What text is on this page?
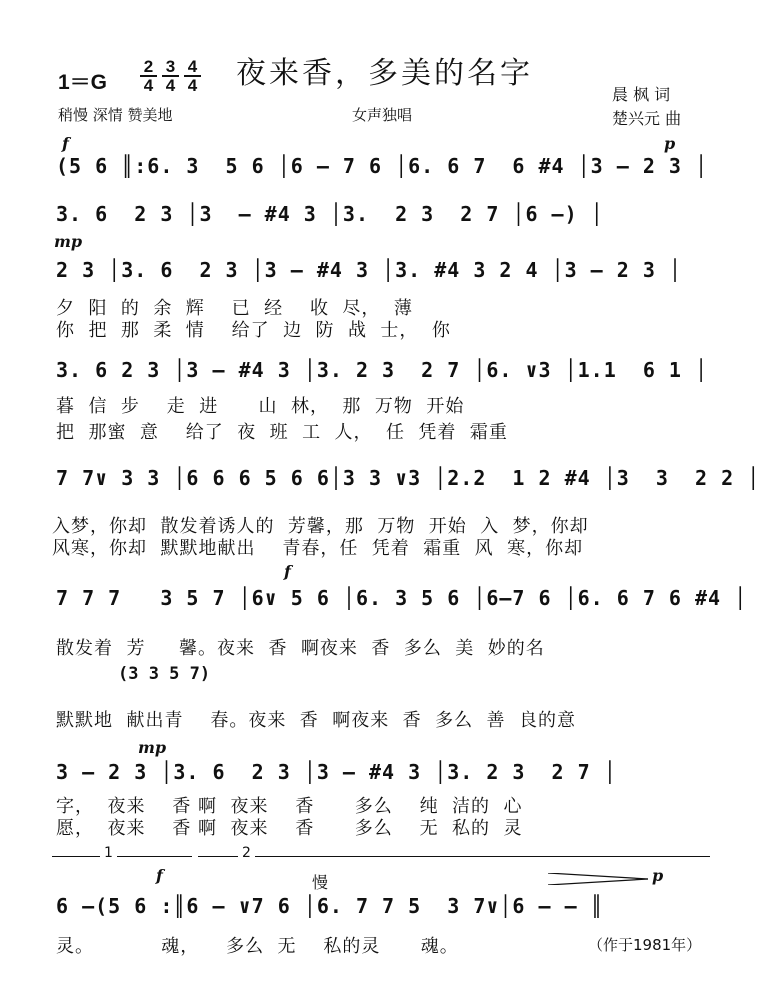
1＝G
2
4
3
4
4
4 夜来香，多美的名字
晨 枫 词
稍慢 深情 赞美地	女声独唱	楚兴元 曲
f	p
(5 6 ║:6. 3  5 6 │6 — 7 6 │6. 6 7  6 #4 │3 — 2 3 │
3. 6  2 3 │3  — #4 3 │3.  2 3  2 7 │6 —) │
mp
2 3 │3. 6  2 3 │3 — #4 3 │3. #4 3 2 4 │3 — 2 3 │
夕  阳  的  余  辉    已  经    收  尽，  薄
你  把  那  柔  情    给了  边  防  战  士，  你
3. 6 2 3 │3 — #4 3 │3. 2 3  2 7 │6. ∨3 │1.1  6 1 │
暮  信  步    走  进      山  林，  那  万物  开始
把  那蜜  意    给了  夜  班  工  人，  任  凭着  霜重
7 7∨ 3 3 │6 6 6 5 6 6│3 3 ∨3 │2.2  1 2 #4 │3  3  2 2 │
入梦，你却  散发着诱人的  芳馨，那  万物  开始  入  梦，你却
风寒，你却  默默地献出    青春，任  凭着  霜重  风  寒，你却
f
7 7 7   3 5 7 │6∨ 5 6 │6. 3 5 6 │6—7 6 │6. 6 7 6 #4 │
散发着  芳     馨。夜来  香  啊夜来  香  多么  美  妙的名
(3 3 5 7)
默默地  献出青    春。夜来  香  啊夜来  香  多么  善  良的意
mp
3 — 2 3 │3. 6  2 3 │3 — #4 3 │3. 2 3  2 7 │
字，  夜来    香 啊  夜来    香      多么    纯  洁的  心
愿，  夜来    香 啊  夜来    香      多么    无  私的  灵
1	2
慢
f	p
6 —(5 6 :║6 — ∨7 6 │6. 7 7 5  3 7∨│6 — — ║
灵。          魂，    多么  无    私的灵      魂。	（作于1981年）
